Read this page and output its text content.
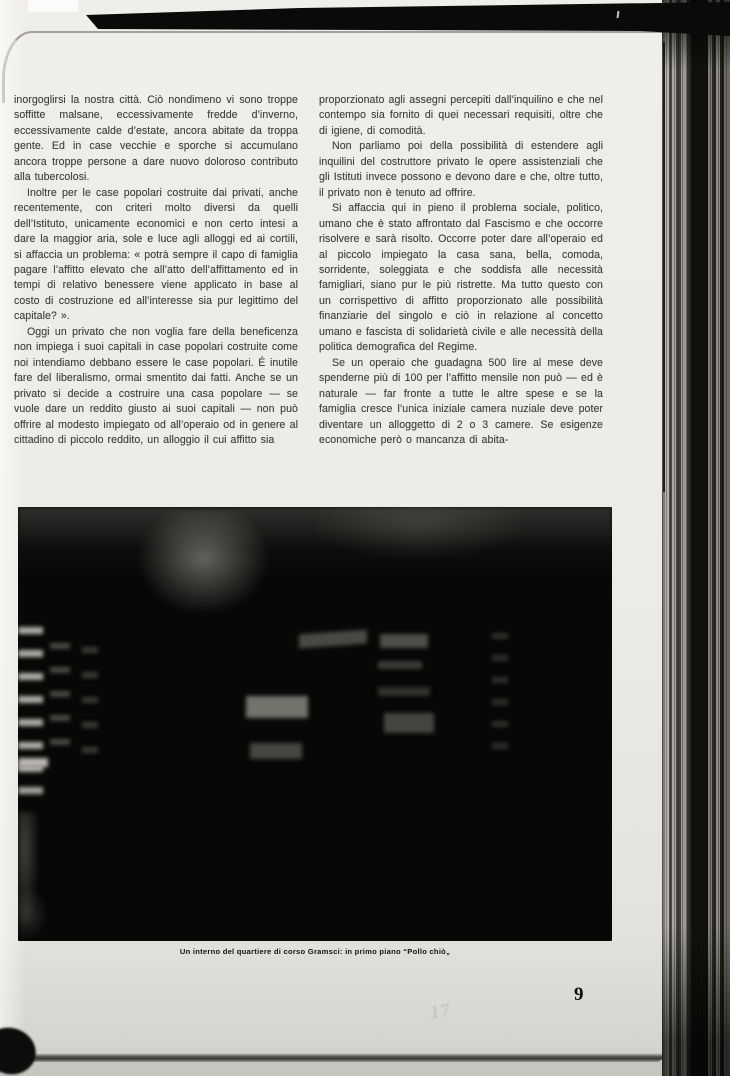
inorgoglirsi la nostra città. Ciò nondimeno vi sono troppe soffitte malsane, eccessivamente fredde d’inverno, eccessivamente calde d’estate, ancora abitate da troppa gente. Ed in case vecchie e sporche si accumulano ancora troppe persone a dare nuovo doloroso contributo alla tubercolosi.

Inoltre per le case popolari costruite dai privati, anche recentemente, con criteri molto diversi da quelli dell’Istituto, unicamente economici e non certo intesi a dare la maggior aria, sole e luce agli alloggi ed ai cortili, si affaccia un problema: « potrà sempre il capo di famiglia pagare l’affitto elevato che all’atto dell’affittamento ed in tempi di relativo benessere viene applicato in base al costo di costruzione ed all’interesse sia pur legittimo del capitale? ».

Oggi un privato che non voglia fare della beneficenza non impiega i suoi capitali in case popolari costruite come noi intendiamo debbano essere le case popolari. É inutile fare del liberalismo, ormai smentito dai fatti. Anche se un privato si decide a costruire una casa popolare — se vuole dare un reddito giusto ai suoi capitali — non può offrire al modesto impiegato od all’operaio od in genere al cittadino di piccolo reddito, un alloggio il cui affitto sia

proporzionato agli assegni percepiti dall’inquilino e che nel contempo sia fornito di quei necessari requisiti, oltre che di igiene, di comodità.

Non parliamo poi della possibilità di estendere agli inquilini del costruttore privato le opere assistenziali che gli Istituti invece possono e devono dare e che, oltre tutto, il privato non è tenuto ad offrire.

Si affaccia qui in pieno il problema sociale, politico, umano che è stato affrontato dal Fascismo e che occorre risolvere e sarà risolto. Occorre poter dare all’operaio ed al piccolo impiegato la casa sana, bella, comoda, sorridente, soleggiata e che soddisfa alle necessità famigliari, siano pur le più ristrette. Ma tutto questo con un corrispettivo di affitto proporzionato alle possibilità finanziarie del singolo e ciò in relazione al concetto umano e fascista di solidarietà civile e alle necessità della politica demografica del Regime.

Se un operaio che guadagna 500 lire al mese deve spenderne più di 100 per l’affitto mensile non può — ed è naturale — far fronte a tutte le altre spese e se la famiglia cresce l’unica iniziale camera nuziale deve poter diventare un alloggetto di 2 o 3 camere. Se esigenze economiche però o mancanza di abita-

Un interno del quartiere di corso Gramsci: in primo piano “Pollo chiò„
9
17
